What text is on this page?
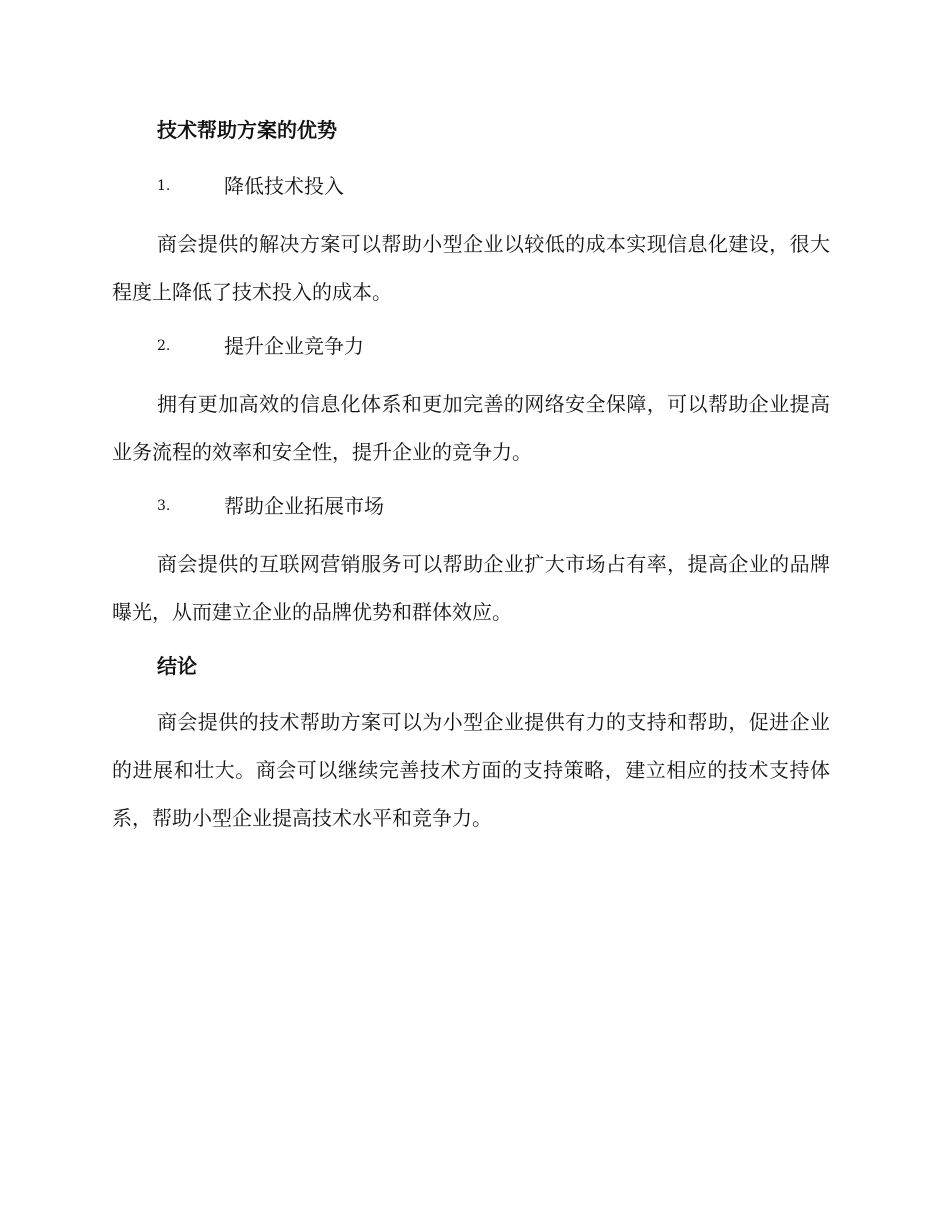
技术帮助方案的优势
1.	降低技术投入

商会提供的解决方案可以帮助小型企业以较低的成本实现信息化建设，很大程度上降低了技术投入的成本。

2.	提升企业竞争力

拥有更加高效的信息化体系和更加完善的网络安全保障，可以帮助企业提高业务流程的效率和安全性，提升企业的竞争力。

3.	帮助企业拓展市场

商会提供的互联网营销服务可以帮助企业扩大市场占有率，提高企业的品牌曝光，从而建立企业的品牌优势和群体效应。

结论

商会提供的技术帮助方案可以为小型企业提供有力的支持和帮助，促进企业的进展和壮大。商会可以继续完善技术方面的支持策略，建立相应的技术支持体系，帮助小型企业提高技术水平和竞争力。
